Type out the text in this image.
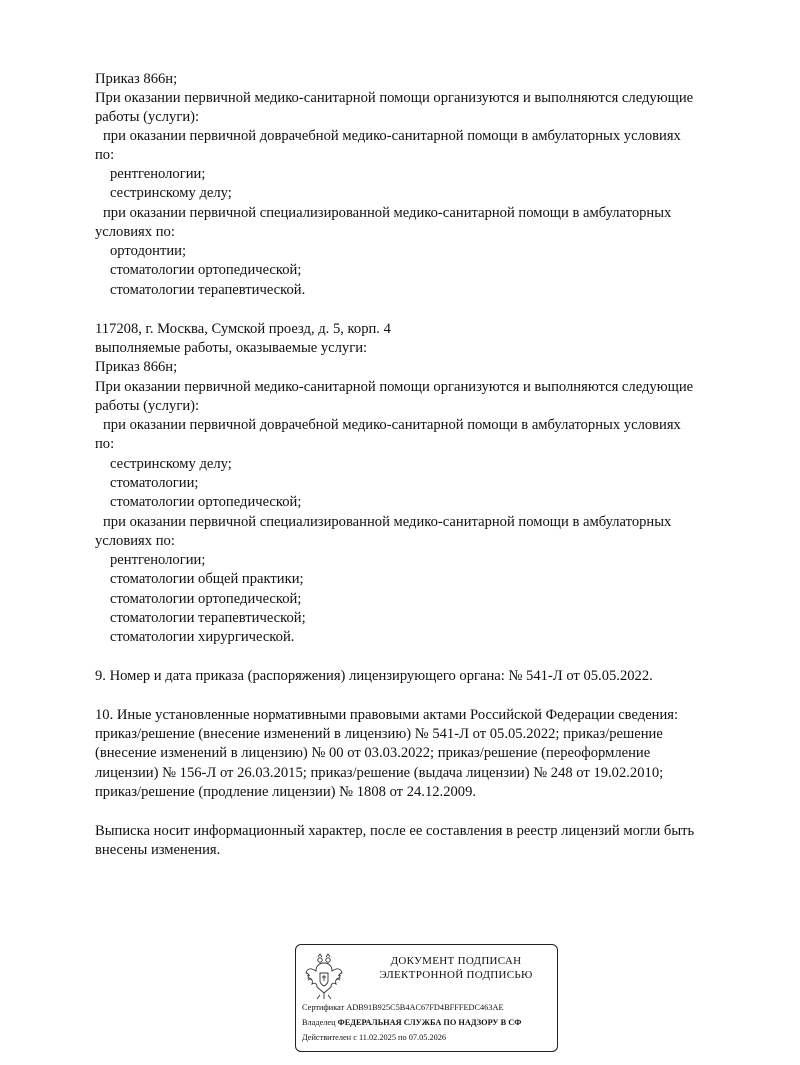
Приказ 866н;
При оказании первичной медико-санитарной помощи организуются и выполняются следующие
работы (услуги):
при оказании первичной доврачебной медико-санитарной помощи в амбулаторных условиях
по:
рентгенологии;
сестринскому делу;
при оказании первичной специализированной медико-санитарной помощи в амбулаторных
условиях по:
ортодонтии;
стоматологии ортопедической;
стоматологии терапевтической.
117208, г. Москва, Сумской проезд, д. 5, корп. 4
выполняемые работы, оказываемые услуги:
Приказ 866н;
При оказании первичной медико-санитарной помощи организуются и выполняются следующие
работы (услуги):
при оказании первичной доврачебной медико-санитарной помощи в амбулаторных условиях
по:
сестринскому делу;
стоматологии;
стоматологии ортопедической;
при оказании первичной специализированной медико-санитарной помощи в амбулаторных
условиях по:
рентгенологии;
стоматологии общей практики;
стоматологии ортопедической;
стоматологии терапевтической;
стоматологии хирургической.
9. Номер и дата приказа (распоряжения) лицензирующего органа: № 541-Л от 05.05.2022.
10. Иные установленные нормативными правовыми актами Российской Федерации сведения:
приказ/решение (внесение изменений в лицензию) № 541-Л от 05.05.2022; приказ/решение
(внесение изменений в лицензию) № 00 от 03.03.2022; приказ/решение (переоформление
лицензии) № 156-Л от 26.03.2015; приказ/решение (выдача лицензии) № 248 от 19.02.2010;
приказ/решение (продление лицензии) № 1808 от 24.12.2009.
Выписка носит информационный характер, после ее составления в реестр лицензий могли быть
внесены изменения.
ДОКУМЕНТ ПОДПИСАН
ЭЛЕКТРОННОЙ ПОДПИСЬЮ
Сертификат ADB91B925C5B4AC67FD4BFFFEDC463AE
Владелец ФЕДЕРАЛЬНАЯ СЛУЖБА ПО НАДЗОРУ В СФ
Действителен с 11.02.2025 по 07.05.2026
